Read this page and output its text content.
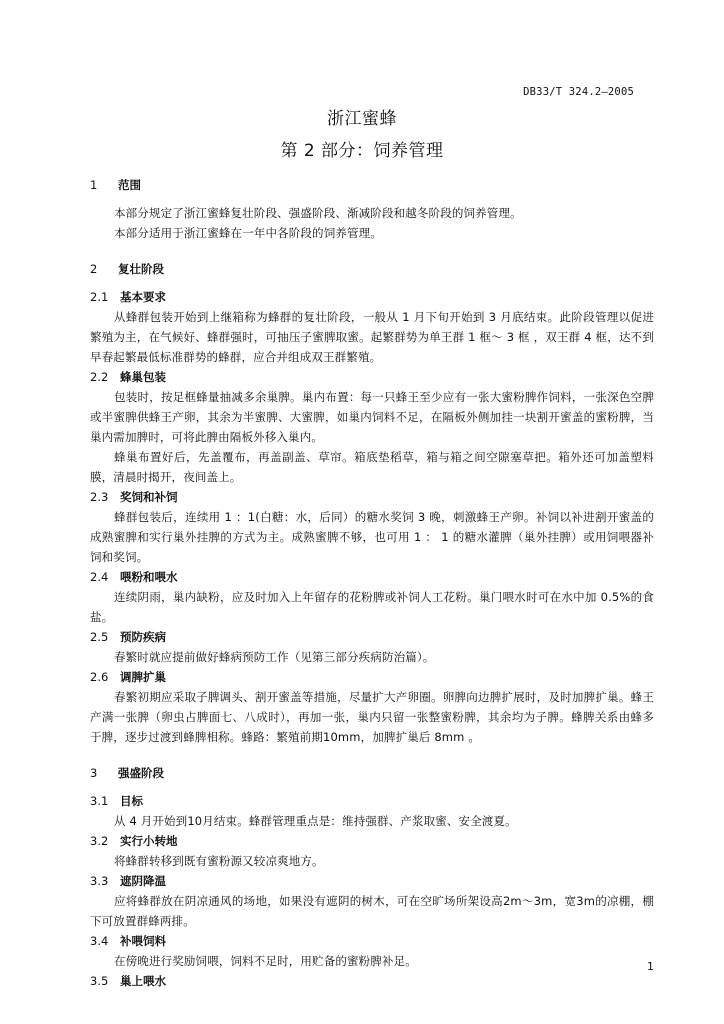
DB33/T 324.2—2005
浙江蜜蜂
第 2 部分：饲养管理
1	范围
本部分规定了浙江蜜蜂复壮阶段、强盛阶段、渐减阶段和越冬阶段的饲养管理。
本部分适用于浙江蜜蜂在一年中各阶段的饲养管理。
2	复壮阶段
2.1	基本要求
从蜂群包装开始到上继箱称为蜂群的复壮阶段，一般从 1 月下旬开始到 3 月底结束。此阶段管理以促进繁殖为主，在气候好、蜂群强时，可抽压子蜜脾取蜜。起繁群势为单王群 1 框～ 3 框 ，双王群 4 框，达不到早春起繁最低标准群势的蜂群，应合并组成双王群繁殖。
2.2	蜂巢包装
包装时，按足框蜂量抽减多余巢脾。巢内布置：每一只蜂王至少应有一张大蜜粉脾作饲料，一张深色空脾或半蜜脾供蜂王产卵，其余为半蜜脾、大蜜脾，如巢内饲料不足，在隔板外侧加挂一块割开蜜盖的蜜粉脾，当巢内需加脾时，可将此脾由隔板外移入巢内。
蜂巢布置好后，先盖覆布，再盖副盖、草帘。箱底垫稻草，箱与箱之间空隙塞草把。箱外还可加盖塑料膜，清晨时揭开，夜间盖上。
2.3	奖饲和补饲
蜂群包装后，连续用 1 ：1(白糖：水，后同）的糖水奖饲 3 晚，刺激蜂王产卵。补饲以补进割开蜜盖的成熟蜜脾和实行巢外挂脾的方式为主。成熟蜜脾不够，也可用 1 ： 1 的糖水灌脾（巢外挂脾）或用饲喂器补饲和奖饲。
2.4	喂粉和喂水
连续阴雨，巢内缺粉，应及时加入上年留存的花粉脾或补饲人工花粉。巢门喂水时可在水中加 0.5%的食盐。
2.5	预防疾病
春繁时就应提前做好蜂病预防工作（见第三部分疾病防治篇）。
2.6	调脾扩巢
春繁初期应采取子脾调头、割开蜜盖等措施，尽量扩大产卵圈。卵脾向边脾扩展时，及时加脾扩巢。蜂王产满一张脾（卵虫占脾面七、八成时），再加一张，巢内只留一张整蜜粉脾，其余均为子脾。蜂脾关系由蜂多于脾，逐步过渡到蜂脾相称。蜂路：繁殖前期10mm，加脾扩巢后 8mm 。
3	强盛阶段
3.1	目标
从 4 月开始到10月结束。蜂群管理重点是：维持强群、产浆取蜜、安全渡夏。
3.2	实行小转地
将蜂群转移到既有蜜粉源又较凉爽地方。
3.3	遮阴降温
应将蜂群放在阴凉通风的场地，如果没有遮阴的树木，可在空旷场所架设高2m～3m，宽3m的凉棚，棚下可放置群蜂两排。
3.4	补喂饲料
在傍晚进行奖励饲喂，饲料不足时，用贮备的蜜粉脾补足。
3.5	巢上喂水
1
